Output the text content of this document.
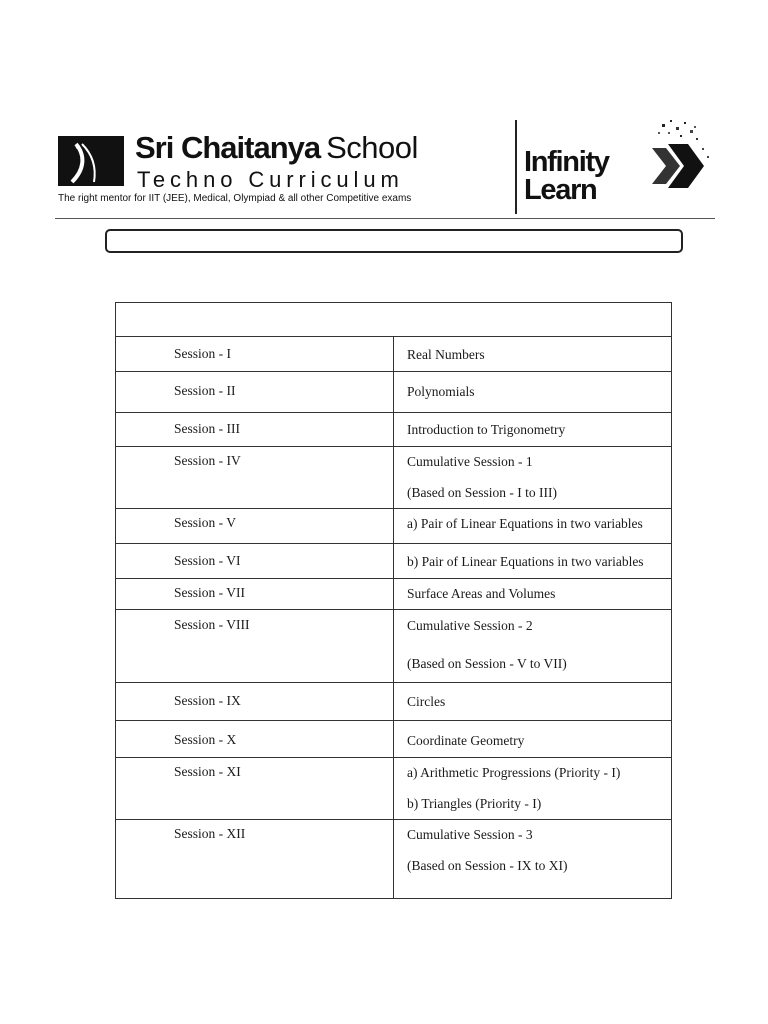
Sri Chaitanya School
Techno Curriculum
The right mentor for IIT (JEE), Medical, Olympiad & all other Competitive exams
Infinity
Learn

Session - I	Real Numbers

Session - II	Polynomials

Session - III	Introduction to Trigonometry

Session - IV	Cumulative Session - 1
(Based on Session - I to III)

Session - V	a) Pair of Linear Equations in two variables

Session - VI	b) Pair of Linear Equations in two variables

Session - VII	Surface Areas and Volumes

Session - VIII	Cumulative Session - 2
(Based on Session - V to VII)

Session - IX	Circles

Session - X	Coordinate Geometry

Session - XI	a) Arithmetic Progressions (Priority - I)
b) Triangles (Priority - I)

Session - XII	Cumulative Session - 3
(Based on Session - IX to XI)
